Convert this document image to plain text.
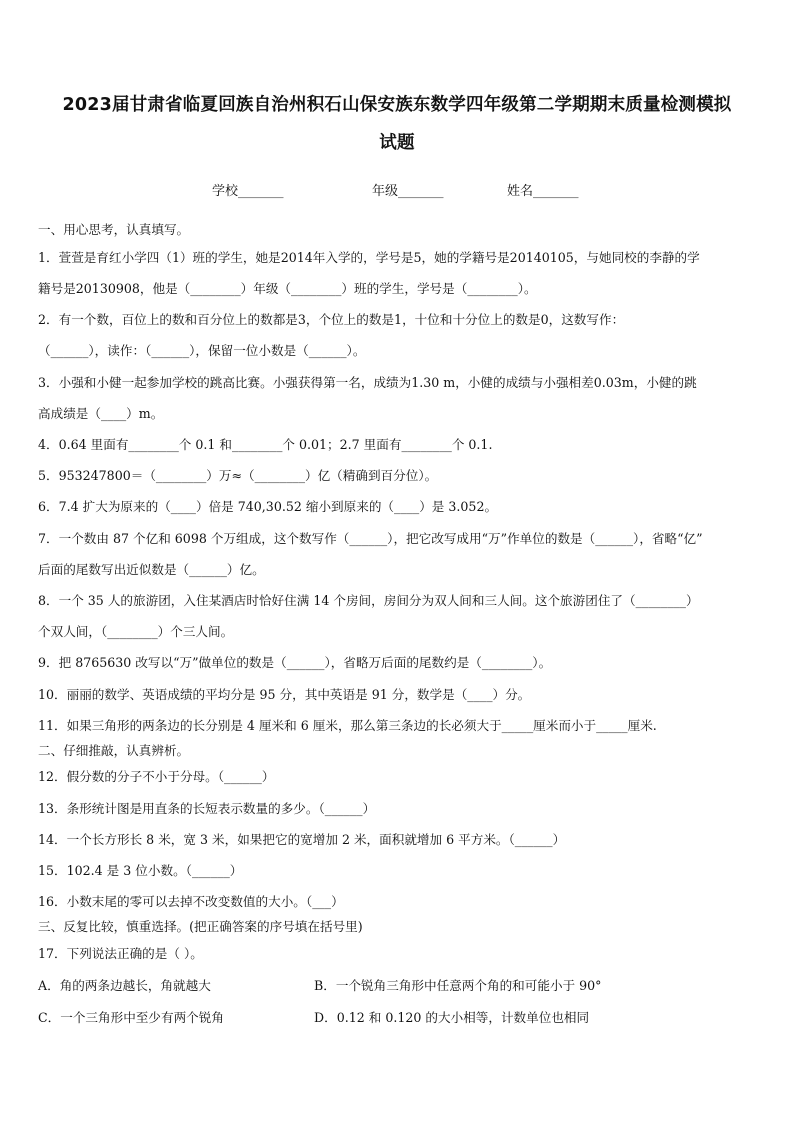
2023届甘肃省临夏回族自治州积石山保安族东数学四年级第二学期期末质量检测模拟
试题
学校_______	年级_______	姓名_______
一、用心思考，认真填写。
1．萱萱是育红小学四（1）班的学生，她是2014年入学的，学号是5，她的学籍号是20140105，与她同校的李静的学
籍号是20130908，他是（________）年级（________）班的学生，学号是（________）。
2．有一个数，百位上的数和百分位上的数都是3，个位上的数是1，十位和十分位上的数是0，这数写作：
（______），读作：（______），保留一位小数是（______）。
3．小强和小健一起参加学校的跳高比赛。小强获得第一名，成绩为1.30 m，小健的成绩与小强相差0.03m，小健的跳
高成绩是（____）m。
4．0.64 里面有________个 0.1 和________个 0.01；2.7 里面有________个 0.1.
5．953247800＝（________）万≈（________）亿（精确到百分位）。
6．7.4 扩大为原来的（____）倍是 740,30.52 缩小到原来的（____）是 3.052。
7．一个数由 87 个亿和 6098 个万组成，这个数写作（______），把它改写成用“万”作单位的数是（______），省略“亿”
后面的尾数写出近似数是（______）亿。
8．一个 35 人的旅游团，入住某酒店时恰好住满 14 个房间，房间分为双人间和三人间。这个旅游团住了（________）
个双人间，（________）个三人间。
9．把 8765630 改写以“万”做单位的数是（______），省略万后面的尾数约是（________）。
10．丽丽的数学、英语成绩的平均分是 95 分，其中英语是 91 分，数学是（____）分。
11．如果三角形的两条边的长分别是 4 厘米和 6 厘米，那么第三条边的长必须大于_____厘米而小于_____厘米.
二、仔细推敲，认真辨析。
12．假分数的分子不小于分母。（______）
13．条形统计图是用直条的长短表示数量的多少。（______）
14．一个长方形长 8 米，宽 3 米，如果把它的宽增加 2 米，面积就增加 6 平方米。（______）
15．102.4 是 3 位小数。（______）
16．小数末尾的零可以去掉不改变数值的大小。（___）
三、反复比较，慎重选择。(把正确答案的序号填在括号里)
17．下列说法正确的是（ ）。
A．角的两条边越长，角就越大	B．一个锐角三角形中任意两个角的和可能小于 90°
C．一个三角形中至少有两个锐角	D．0.12 和 0.120 的大小相等，计数单位也相同
